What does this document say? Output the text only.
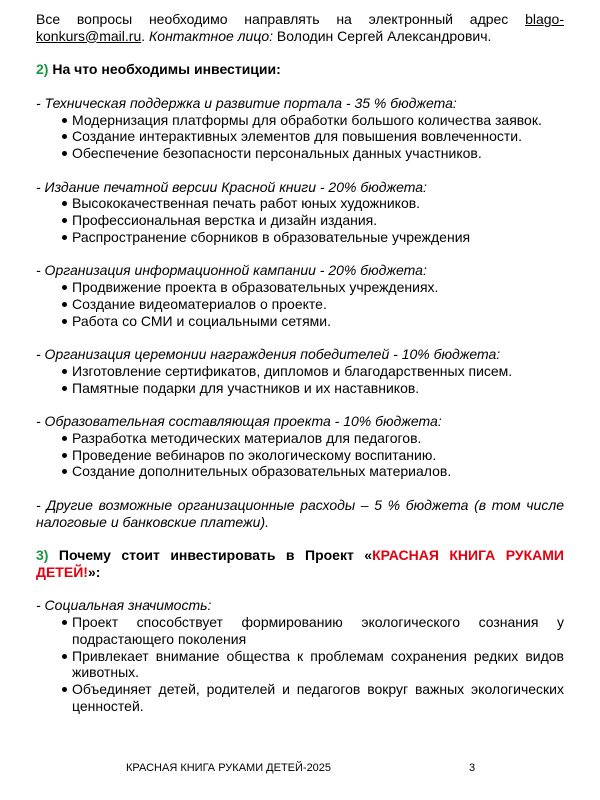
Все вопросы необходимо направлять на электронный адрес blago-konkurs@mail.ru. Контактное лицо: Володин Сергей Александрович.

2) На что необходимы инвестиции:

- Техническая поддержка и развитие портала - 35 % бюджета:

Модернизация платформы для обработки большого количества заявок.
Создание интерактивных элементов для повышения вовлеченности.
Обеспечение безопасности персональных данных участников.

- Издание печатной версии Красной книги - 20% бюджета:

Высококачественная печать работ юных художников.
Профессиональная верстка и дизайн издания.
Распространение сборников в образовательные учреждения

- Организация информационной кампании - 20% бюджета:

Продвижение проекта в образовательных учреждениях.
Создание видеоматериалов о проекте.
Работа со СМИ и социальными сетями.

- Организация церемонии награждения победителей - 10% бюджета:

Изготовление сертификатов, дипломов и благодарственных писем.
Памятные подарки для участников и их наставников.

- Образовательная составляющая проекта - 10% бюджета:

Разработка методических материалов для педагогов.
Проведение вебинаров по экологическому воспитанию.
Создание дополнительных образовательных материалов.

- Другие возможные организационные расходы – 5 % бюджета (в том числе налоговые и банковские платежи).

3) Почему стоит инвестировать в Проект «КРАСНАЯ КНИГА РУКАМИ ДЕТЕЙ!»:

- Социальная значимость:

Проект способствует формированию экологического сознания у подрастающего поколения
Привлекает внимание общества к проблемам сохранения редких видов животных.
Объединяет детей, родителей и педагогов вокруг важных экологических ценностей.
КРАСНАЯ КНИГА РУКАМИ ДЕТЕЙ-2025	3
